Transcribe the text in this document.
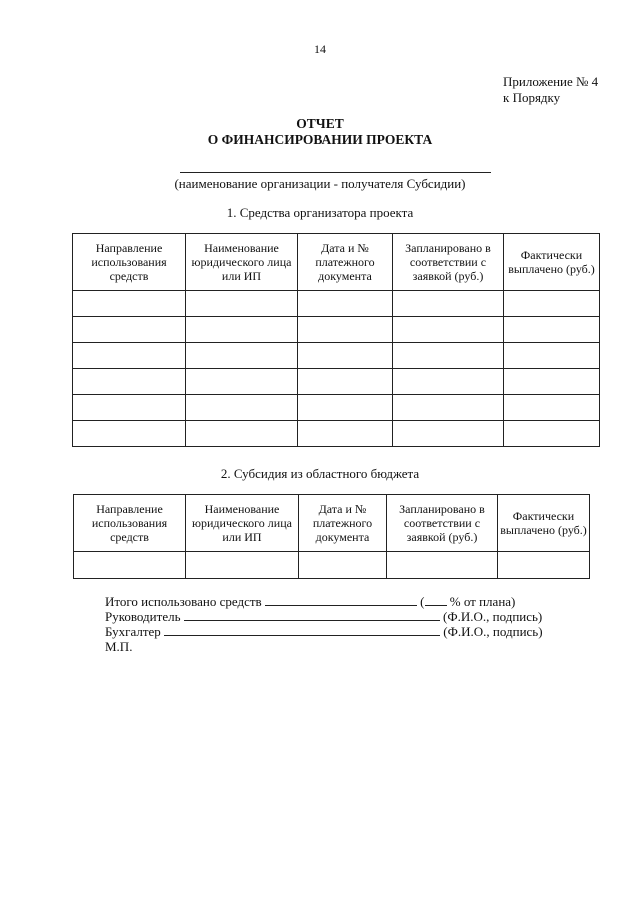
14
Приложение № 4
к Порядку
ОТЧЕТ
О ФИНАНСИРОВАНИИ ПРОЕКТА
(наименование организации - получателя Субсидии)
1. Средства организатора проекта
Направление использования средств	Наименование юридического лица или ИП	Дата и № платежного документа	Запланировано в соответствии с заявкой (руб.)	Фактически выплачено (руб.)

2. Субсидия из областного бюджета
Направление использования средств	Наименование юридического лица или ИП	Дата и № платежного документа	Запланировано в соответствии с заявкой (руб.)	Фактически выплачено (руб.)

Итого использовано средств	( % от плана)
Руководитель	(Ф.И.О., подпись)
Бухгалтер	(Ф.И.О., подпись)
М.П.
